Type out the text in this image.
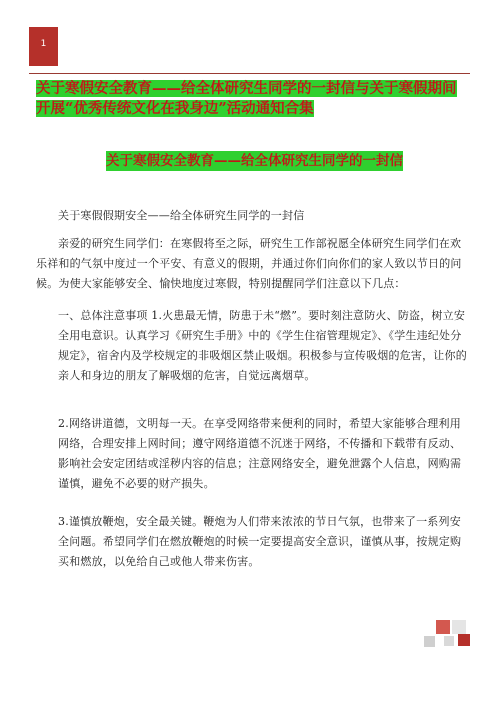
1
关于寒假安全教育——给全体研究生同学的一封信与关于寒假期间开展“优秀传统文化在我身边”活动通知合集
关于寒假安全教育——给全体研究生同学的一封信

关于寒假假期安全——给全体研究生同学的一封信

亲爱的研究生同学们：在寒假将至之际，研究生工作部祝愿全体研究生同学们在欢乐祥和的气氛中度过一个平安、有意义的假期，并通过你们向你们的家人致以节日的问候。为使大家能够安全、愉快地度过寒假，特别提醒同学们注意以下几点：

一、总体注意事项 1.火患最无情，防患于未“燃”。要时刻注意防火、防盗，树立安全用电意识。认真学习《研究生手册》中的《学生住宿管理规定》、《学生违纪处分规定》，宿舍内及学校规定的非吸烟区禁止吸烟。积极参与宣传吸烟的危害，让你的亲人和身边的朋友了解吸烟的危害，自觉远离烟草。

2.网络讲道德，文明每一天。在享受网络带来便利的同时，希望大家能够合理利用网络，合理安排上网时间；遵守网络道德不沉迷于网络，不传播和下载带有反动、影响社会安定团结或淫秽内容的信息；注意网络安全，避免泄露个人信息，网购需谨慎，避免不必要的财产损失。

3.谨慎放鞭炮，安全最关键。鞭炮为人们带来浓浓的节日气氛，也带来了一系列安全问题。希望同学们在燃放鞭炮的时候一定要提高安全意识，谨慎从事，按规定购买和燃放，以免给自己或他人带来伤害。
